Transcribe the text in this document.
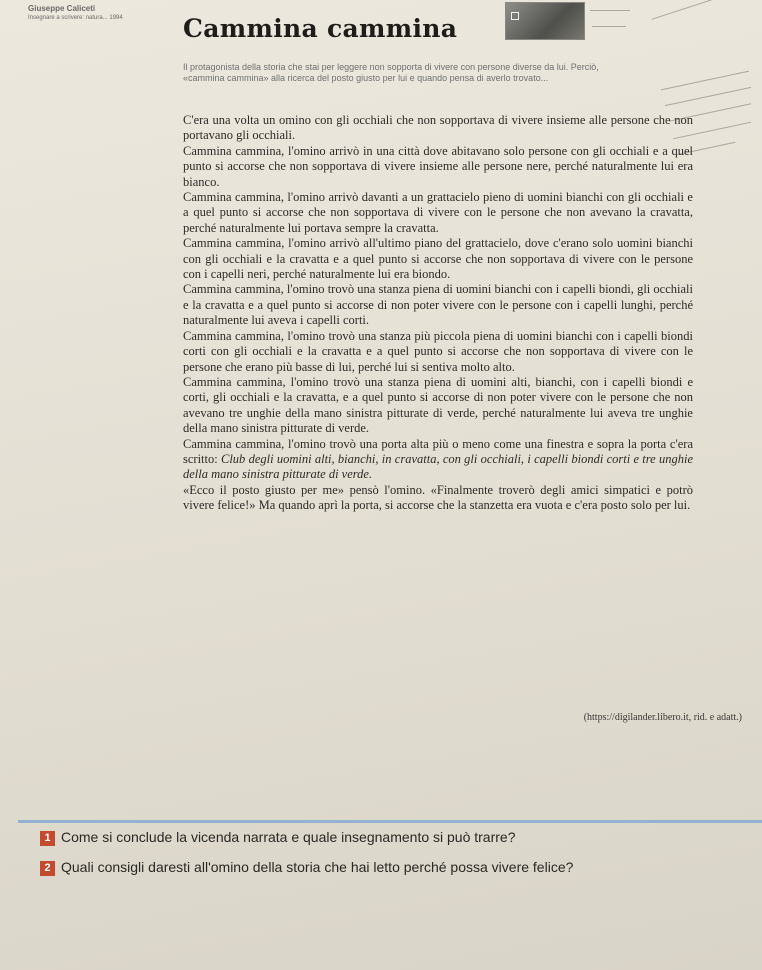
Giuseppe Caliceti
Insegnare a scrivere: natura... 1994	Cammina cammina
Il protagonista della storia che stai per leggere non sopporta di vivere con persone diverse da lui. Perciò, «cammina cammina» alla ricerca del posto giusto per lui e quando pensa di averlo trovato...

C'era una volta un omino con gli occhiali che non sopportava di vivere insieme alle persone che non portavano gli occhiali.

Cammina cammina, l'omino arrivò in una città dove abitavano solo persone con gli occhiali e a quel punto si accorse che non sopportava di vivere insieme alle persone nere, perché naturalmente lui era bianco.

Cammina cammina, l'omino arrivò davanti a un grattacielo pieno di uomini bianchi con gli occhiali e a quel punto si accorse che non sopportava di vivere con le persone che non avevano la cravatta, perché naturalmente lui portava sempre la cravatta.

Cammina cammina, l'omino arrivò all'ultimo piano del grattacielo, dove c'erano solo uomini bianchi con gli occhiali e la cravatta e a quel punto si accorse che non sopportava di vivere con le persone con i capelli neri, perché naturalmente lui era biondo.

Cammina cammina, l'omino trovò una stanza piena di uomini bianchi con i capelli biondi, gli occhiali e la cravatta e a quel punto si accorse di non poter vivere con le persone con i capelli lunghi, perché naturalmente lui aveva i capelli corti.

Cammina cammina, l'omino trovò una stanza più piccola piena di uomini bianchi con i capelli biondi corti con gli occhiali e la cravatta e a quel punto si accorse che non sopportava di vivere con le persone che erano più basse di lui, perché lui si sentiva molto alto.

Cammina cammina, l'omino trovò una stanza piena di uomini alti, bianchi, con i capelli biondi e corti, gli occhiali e la cravatta, e a quel punto si accorse di non poter vivere con le persone che non avevano tre unghie della mano sinistra pitturate di verde, perché naturalmente lui aveva tre unghie della mano sinistra pitturate di verde.

Cammina cammina, l'omino trovò una porta alta più o meno come una finestra e sopra la porta c'era scritto: Club degli uomini alti, bianchi, in cravatta, con gli occhiali, i capelli biondi corti e tre unghie della mano sinistra pitturate di verde.

«Ecco il posto giusto per me» pensò l'omino. «Finalmente troverò degli amici simpatici e potrò vivere felice!» Ma quando aprì la porta, si accorse che la stanzetta era vuota e c'era posto solo per lui.

(https://digilander.libero.it, rid. e adatt.)
1 Come si conclude la vicenda narrata e quale insegnamento si può trarre?
2 Quali consigli daresti all'omino della storia che hai letto perché possa vivere felice?
